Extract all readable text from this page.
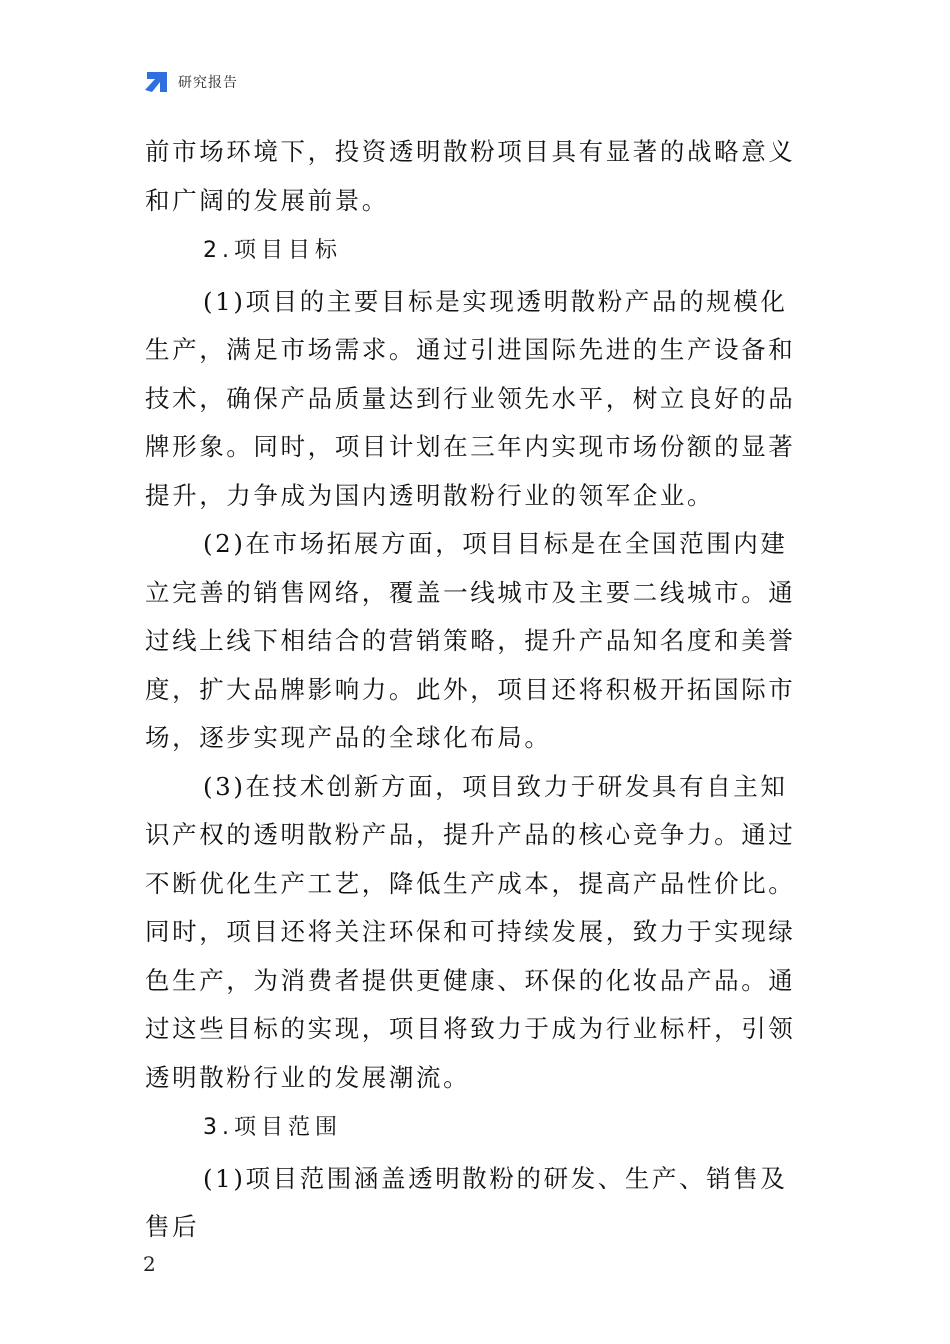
研究报告

前市场环境下，投资透明散粉项目具有显著的战略意义和广阔的发展前景。

2.项目目标

(1)项目的主要目标是实现透明散粉产品的规模化生产，满足市场需求。通过引进国际先进的生产设备和技术，确保产品质量达到行业领先水平，树立良好的品牌形象。同时，项目计划在三年内实现市场份额的显著提升，力争成为国内透明散粉行业的领军企业。

(2)在市场拓展方面，项目目标是在全国范围内建立完善的销售网络，覆盖一线城市及主要二线城市。通过线上线下相结合的营销策略，提升产品知名度和美誉度，扩大品牌影响力。此外，项目还将积极开拓国际市场，逐步实现产品的全球化布局。

(3)在技术创新方面，项目致力于研发具有自主知识产权的透明散粉产品，提升产品的核心竞争力。通过不断优化生产工艺，降低生产成本，提高产品性价比。同时，项目还将关注环保和可持续发展，致力于实现绿色生产，为消费者提供更健康、环保的化妆品产品。通过这些目标的实现，项目将致力于成为行业标杆，引领透明散粉行业的发展潮流。

3.项目范围

(1)项目范围涵盖透明散粉的研发、生产、销售及售后

2
